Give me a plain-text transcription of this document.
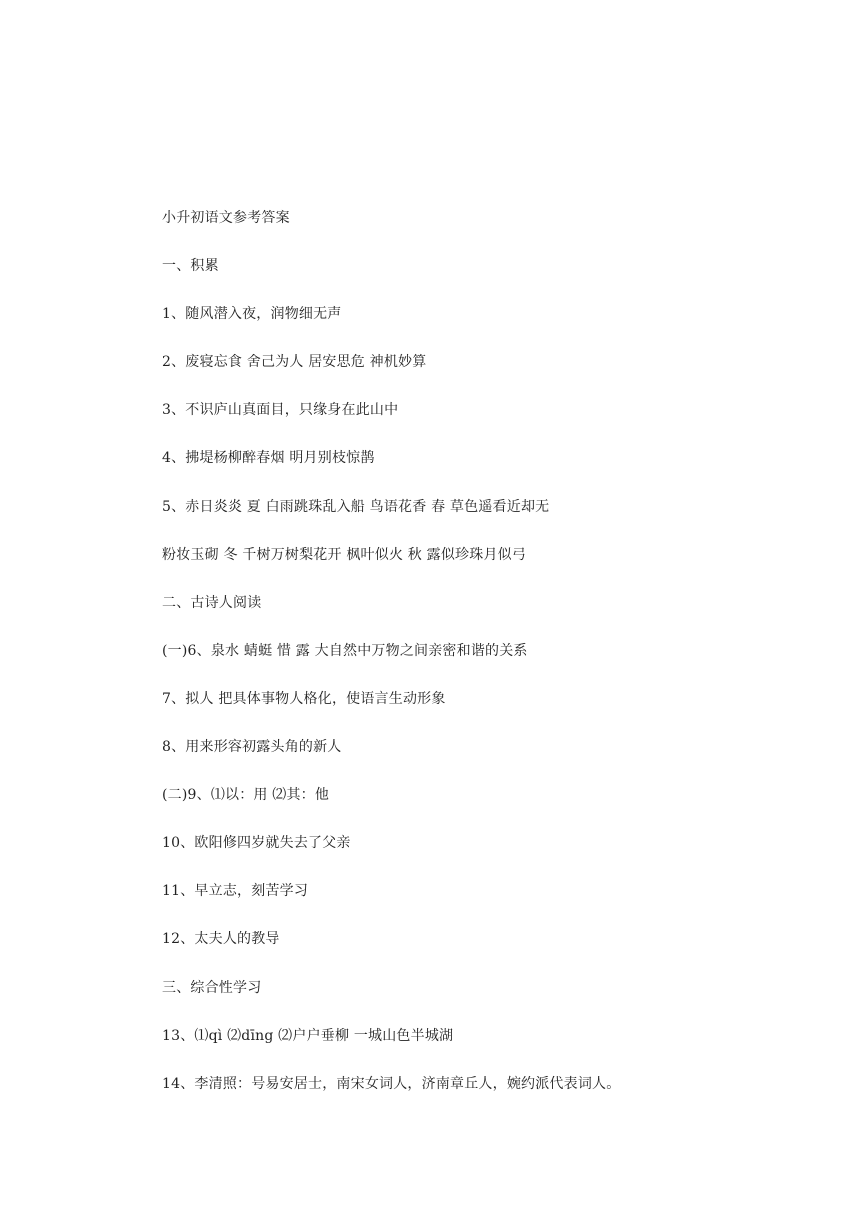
小升初语文参考答案
一、积累
1、随风潜入夜，润物细无声
2、废寝忘食 舍己为人 居安思危 神机妙算
3、不识庐山真面目，只缘身在此山中
4、拂堤杨柳醉春烟 明月别枝惊鹊
5、赤日炎炎 夏 白雨跳珠乱入船 鸟语花香 春 草色遥看近却无
粉妆玉砌 冬 千树万树梨花开 枫叶似火 秋 露似珍珠月似弓
二、古诗人阅读
(一)6、泉水 蜻蜓 惜 露 大自然中万物之间亲密和谐的关系
7、拟人 把具体事物人格化，使语言生动形象
8、用来形容初露头角的新人
(二)9、⑴以：用 ⑵其：他
10、欧阳修四岁就失去了父亲
11、早立志，刻苦学习
12、太夫人的教导
三、综合性学习
13、⑴qì ⑵dīng ⑵户户垂柳 一城山色半城湖
14、李清照：号易安居士，南宋女词人，济南章丘人，婉约派代表词人。
